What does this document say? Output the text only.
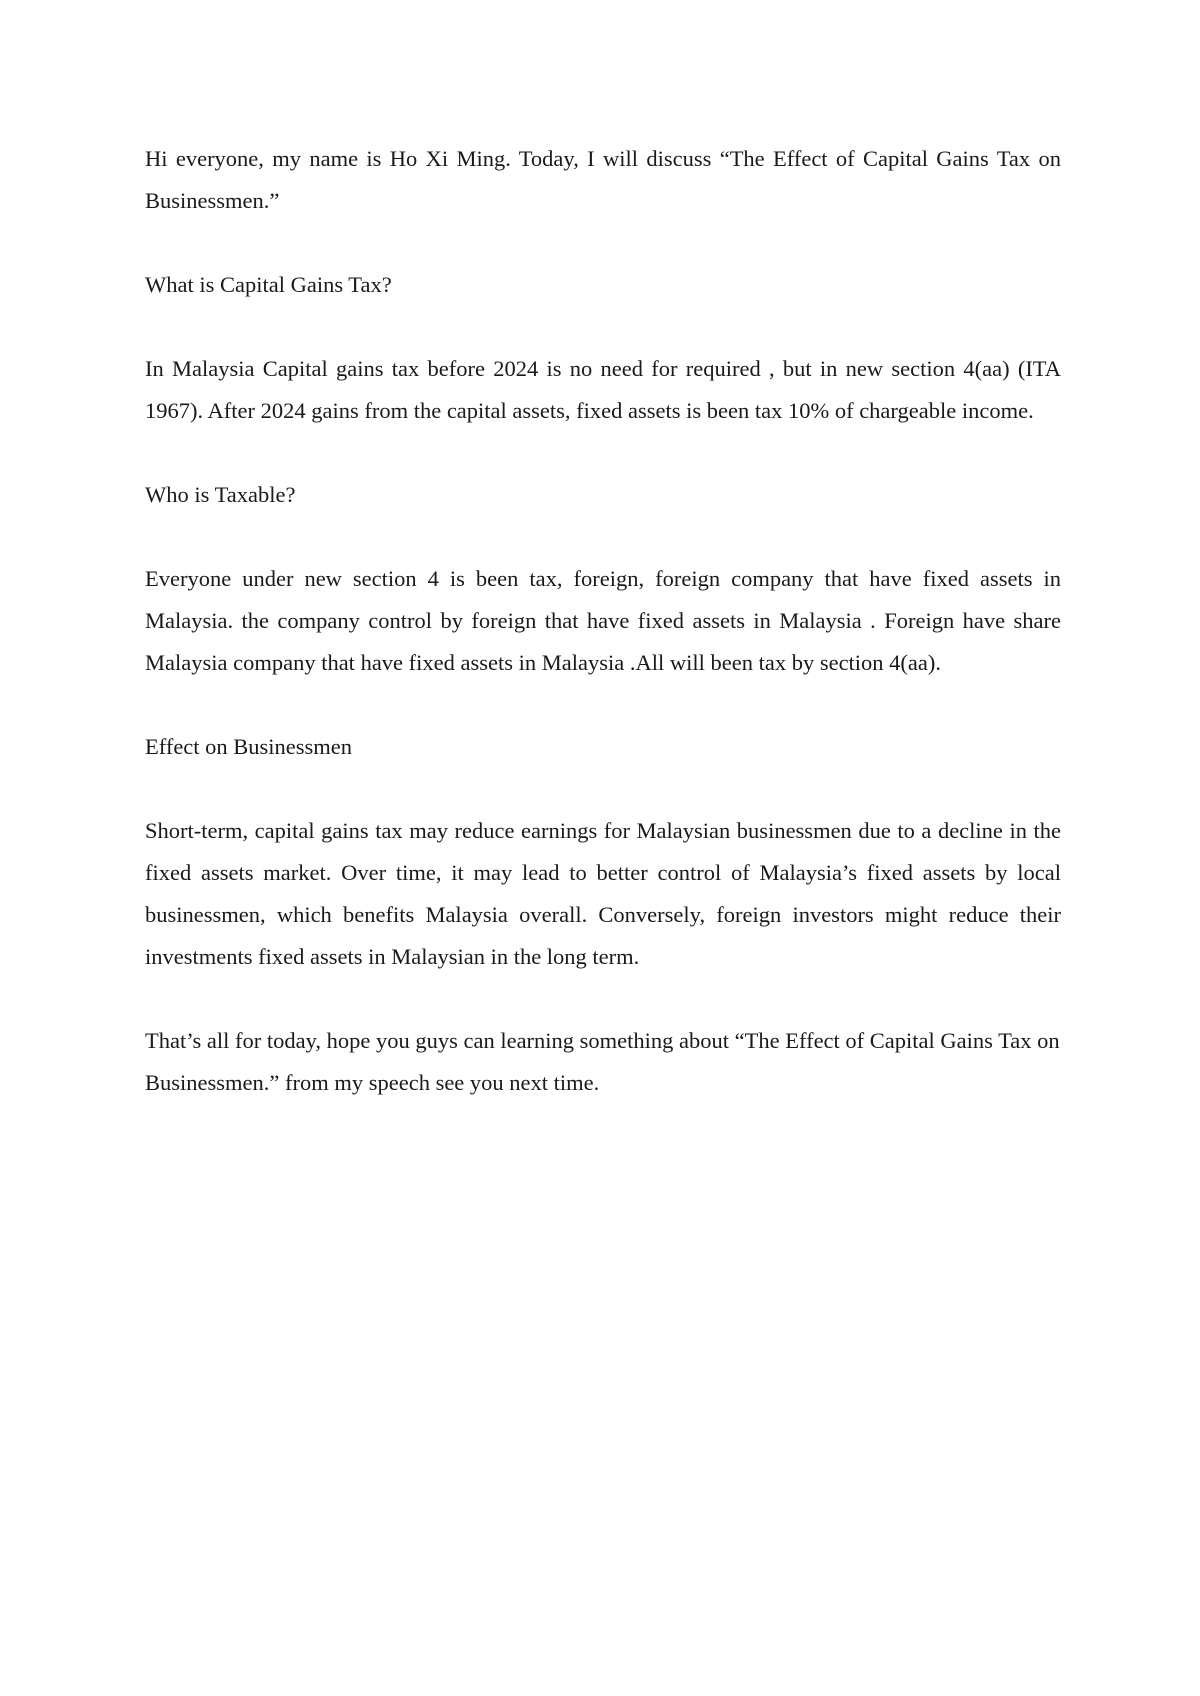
Hi everyone, my name is Ho Xi Ming. Today, I will discuss “The Effect of Capital Gains Tax on Businessmen.”

What is Capital Gains Tax?

In Malaysia Capital gains tax before 2024 is no need for required , but in new section 4(aa) (ITA 1967). After 2024 gains from the capital assets, fixed assets is been tax 10% of chargeable income.

Who is Taxable?

Everyone under new section 4 is been tax, foreign, foreign company that have fixed assets in Malaysia. the company control by foreign that have fixed assets in Malaysia . Foreign have share Malaysia company that have fixed assets in Malaysia .All will been tax by section 4(aa).

Effect on Businessmen

Short-term, capital gains tax may reduce earnings for Malaysian businessmen due to a decline in the fixed assets market. Over time, it may lead to better control of Malaysia’s fixed assets by local businessmen, which benefits Malaysia overall. Conversely, foreign investors might reduce their investments fixed assets in Malaysian in the long term.

That’s all for today, hope you guys can learning something about “The Effect of Capital Gains Tax on Businessmen.” from my speech see you next time.
